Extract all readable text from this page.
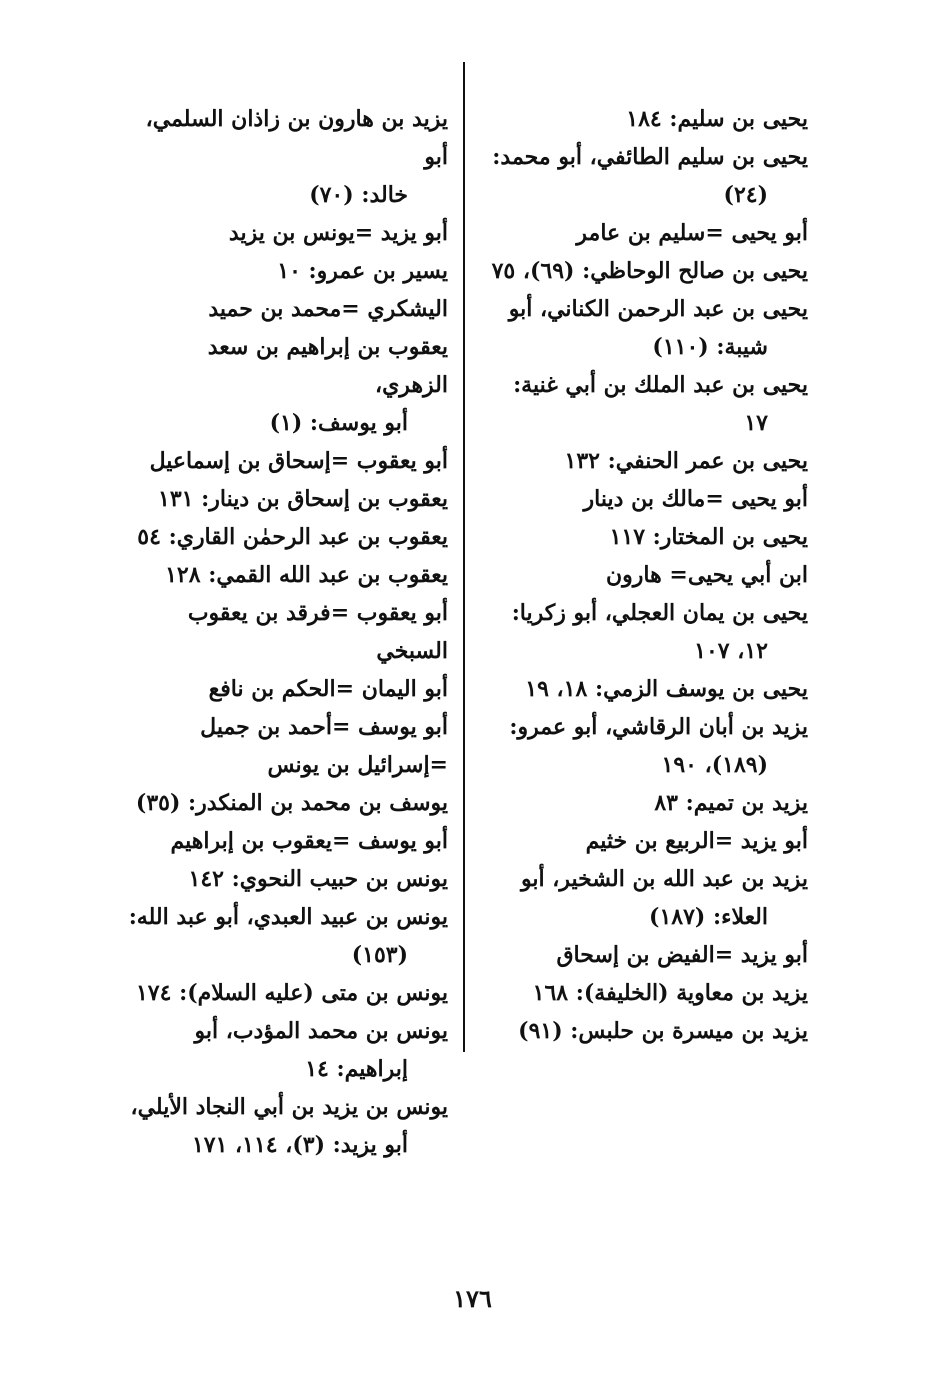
يحيى بن سليم: ١٨٤
يحيى بن سليم الطائفي، أبو محمد:
(٢٤)
أبو يحيى =سليم بن عامر
يحيى بن صالح الوحاظي: (٦٩)، ٧٥
يحيى بن عبد الرحمن الكناني، أبو
شيبة: (١١٠)
يحيى بن عبد الملك بن أبي غنية:
١٧
يحيى بن عمر الحنفي: ١٣٢
أبو يحيى =مالك بن دينار
يحيى بن المختار: ١١٧
ابن أبي يحيى= هارون
يحيى بن يمان العجلي، أبو زكريا:
١٢، ١٠٧
يحيى بن يوسف الزمي: ١٨، ١٩
يزيد بن أبان الرقاشي، أبو عمرو:
(١٨٩)، ١٩٠
يزيد بن تميم: ٨٣
أبو يزيد =الربيع بن خثيم
يزيد بن عبد الله بن الشخير، أبو
العلاء: (١٨٧)
أبو يزيد =الفيض بن إسحاق
يزيد بن معاوية (الخليفة): ١٦٨
يزيد بن ميسرة بن حلبس: (٩١)
يزيد بن هارون بن زاذان السلمي، أبو
خالد: (٧٠)
أبو يزيد =يونس بن يزيد
يسير بن عمرو: ١٠
اليشكري =محمد بن حميد
يعقوب بن إبراهيم بن سعد الزهري،
أبو يوسف: (١)
أبو يعقوب =إسحاق بن إسماعيل
يعقوب بن إسحاق بن دينار: ١٣١
يعقوب بن عبد الرحمٰن القاري: ٥٤
يعقوب بن عبد الله القمي: ١٢٨
أبو يعقوب =فرقد بن يعقوب السبخي
أبو اليمان =الحكم بن نافع
أبو يوسف =أحمد بن جميل
=إسرائيل بن يونس
يوسف بن محمد بن المنكدر: (٣٥)
أبو يوسف =يعقوب بن إبراهيم
يونس بن حبيب النحوي: ١٤٢
يونس بن عبيد العبدي، أبو عبد الله:
(١٥٣)
يونس بن متى (عليه السلام): ١٧٤
يونس بن محمد المؤدب، أبو
إبراهيم: ١٤
يونس بن يزيد بن أبي النجاد الأيلي،
أبو يزيد: (٣)، ١١٤، ١٧١
١٧٦
